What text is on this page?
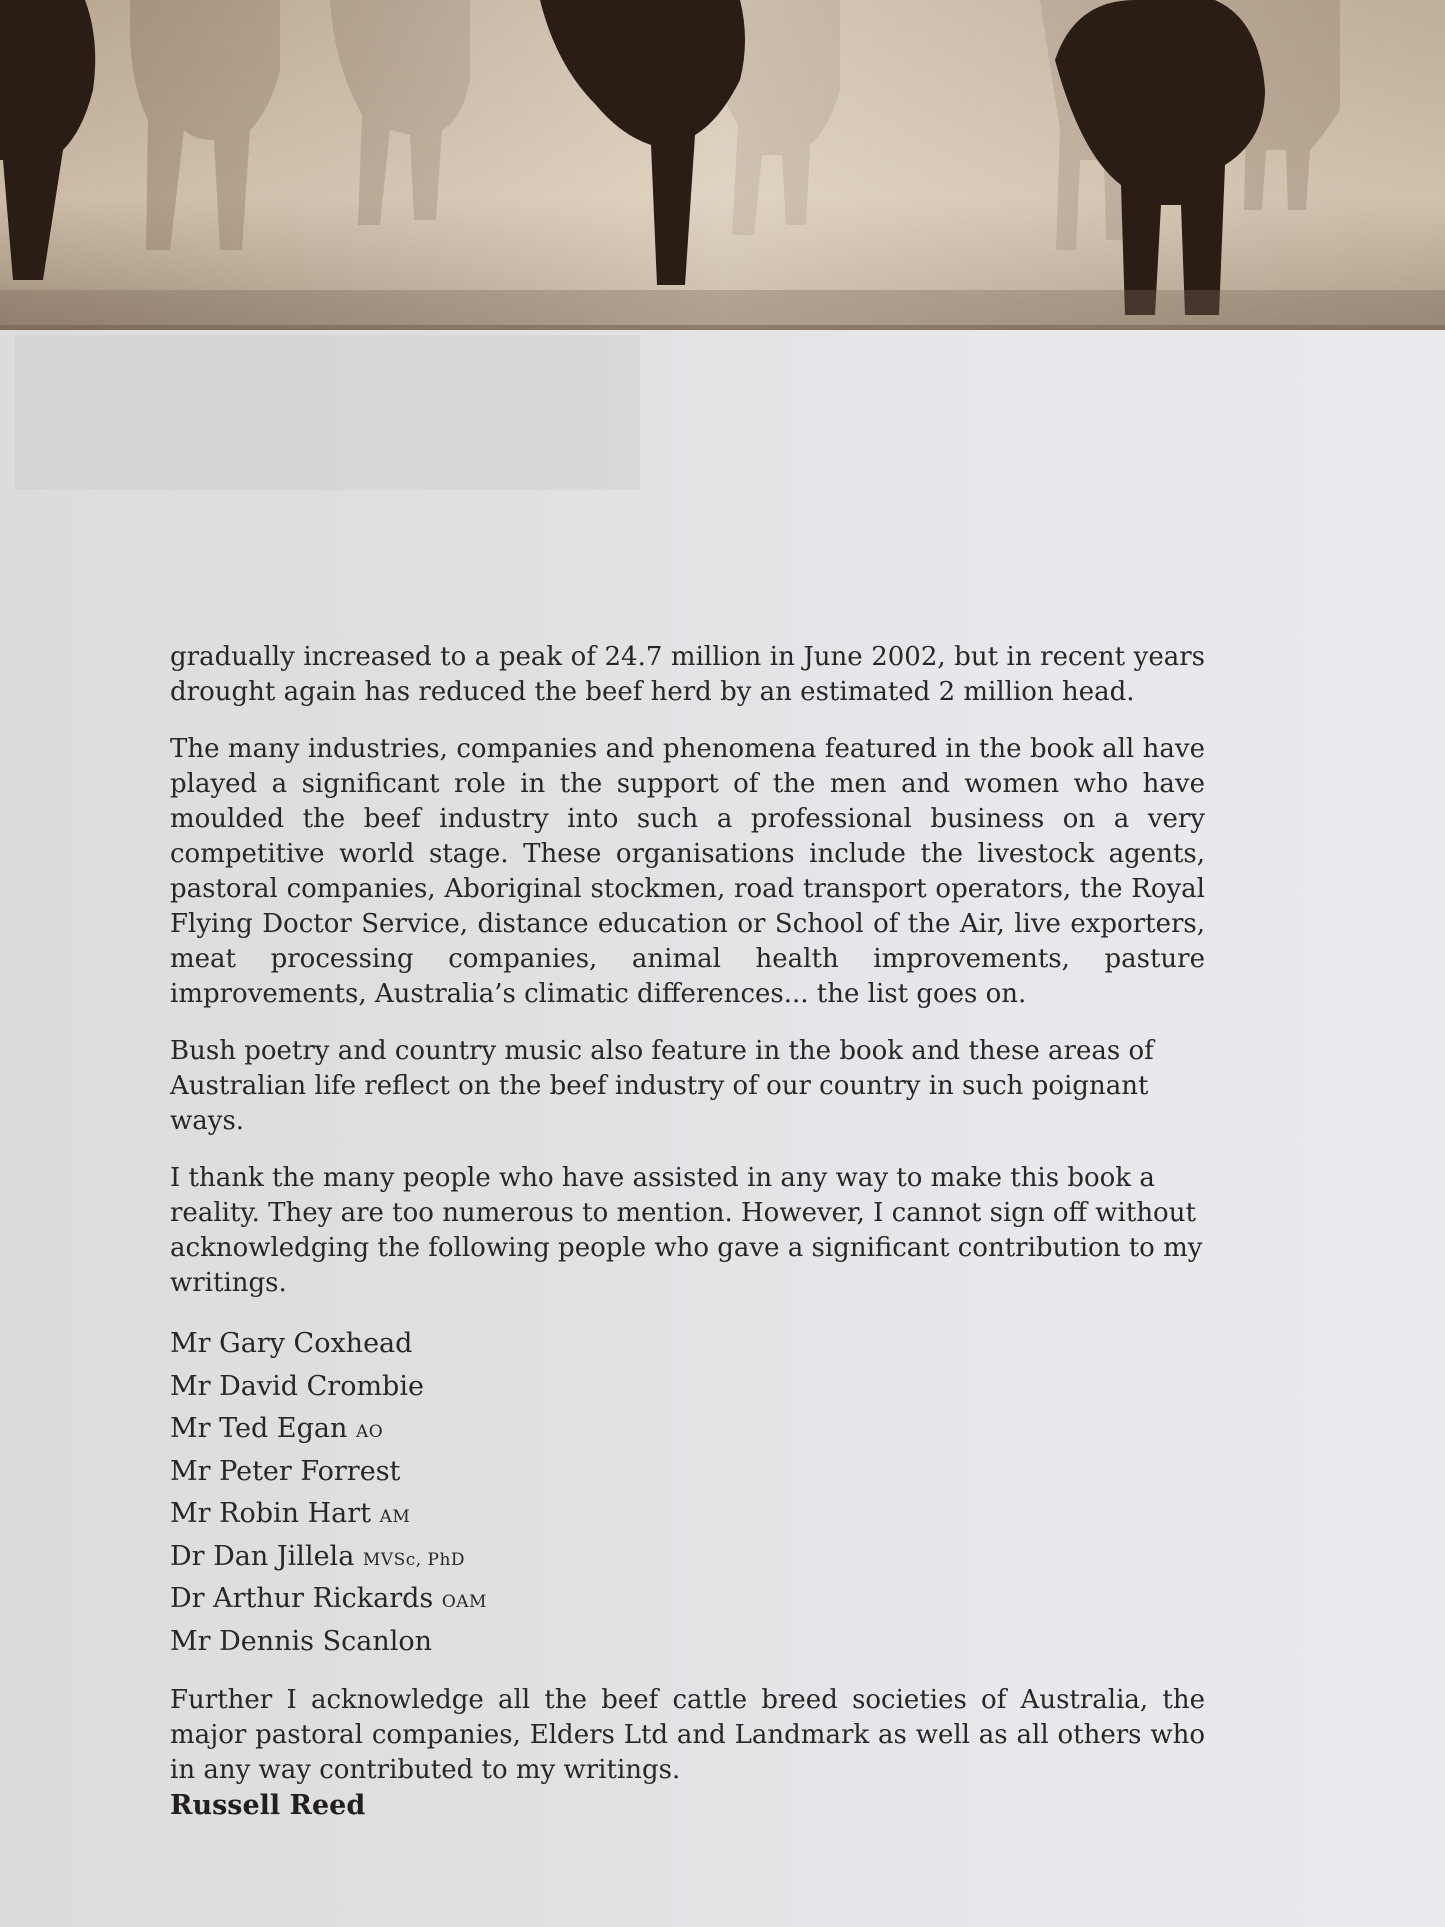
gradually increased to a peak of 24.7 million in June 2002, but in recent years drought again has reduced the beef herd by an estimated 2 million head.

The many industries, companies and phenomena featured in the book all have played a significant role in the support of the men and women who have moulded the beef industry into such a professional business on a very competitive world stage. These organisations include the livestock agents, pastoral companies, Aboriginal stockmen, road transport operators, the Royal Flying Doctor Service, distance education or School of the Air, live exporters, meat processing companies, animal health improvements, pasture improvements, Australia’s climatic differences... the list goes on.

Bush poetry and country music also feature in the book and these areas of Australian life reflect on the beef industry of our country in such poignant ways.

I thank the many people who have assisted in any way to make this book a reality. They are too numerous to mention. However, I cannot sign off without acknowledging the following people who gave a significant contribution to my writings.

Mr Gary Coxhead
Mr David Crombie
Mr Ted Egan AO
Mr Peter Forrest
Mr Robin Hart AM
Dr Dan Jillela MVSc, PhD
Dr Arthur Rickards OAM
Mr Dennis Scanlon

Further I acknowledge all the beef cattle breed societies of Australia, the major pastoral companies, Elders Ltd and Landmark as well as all others who in any way contributed to my writings.

Russell Reed
